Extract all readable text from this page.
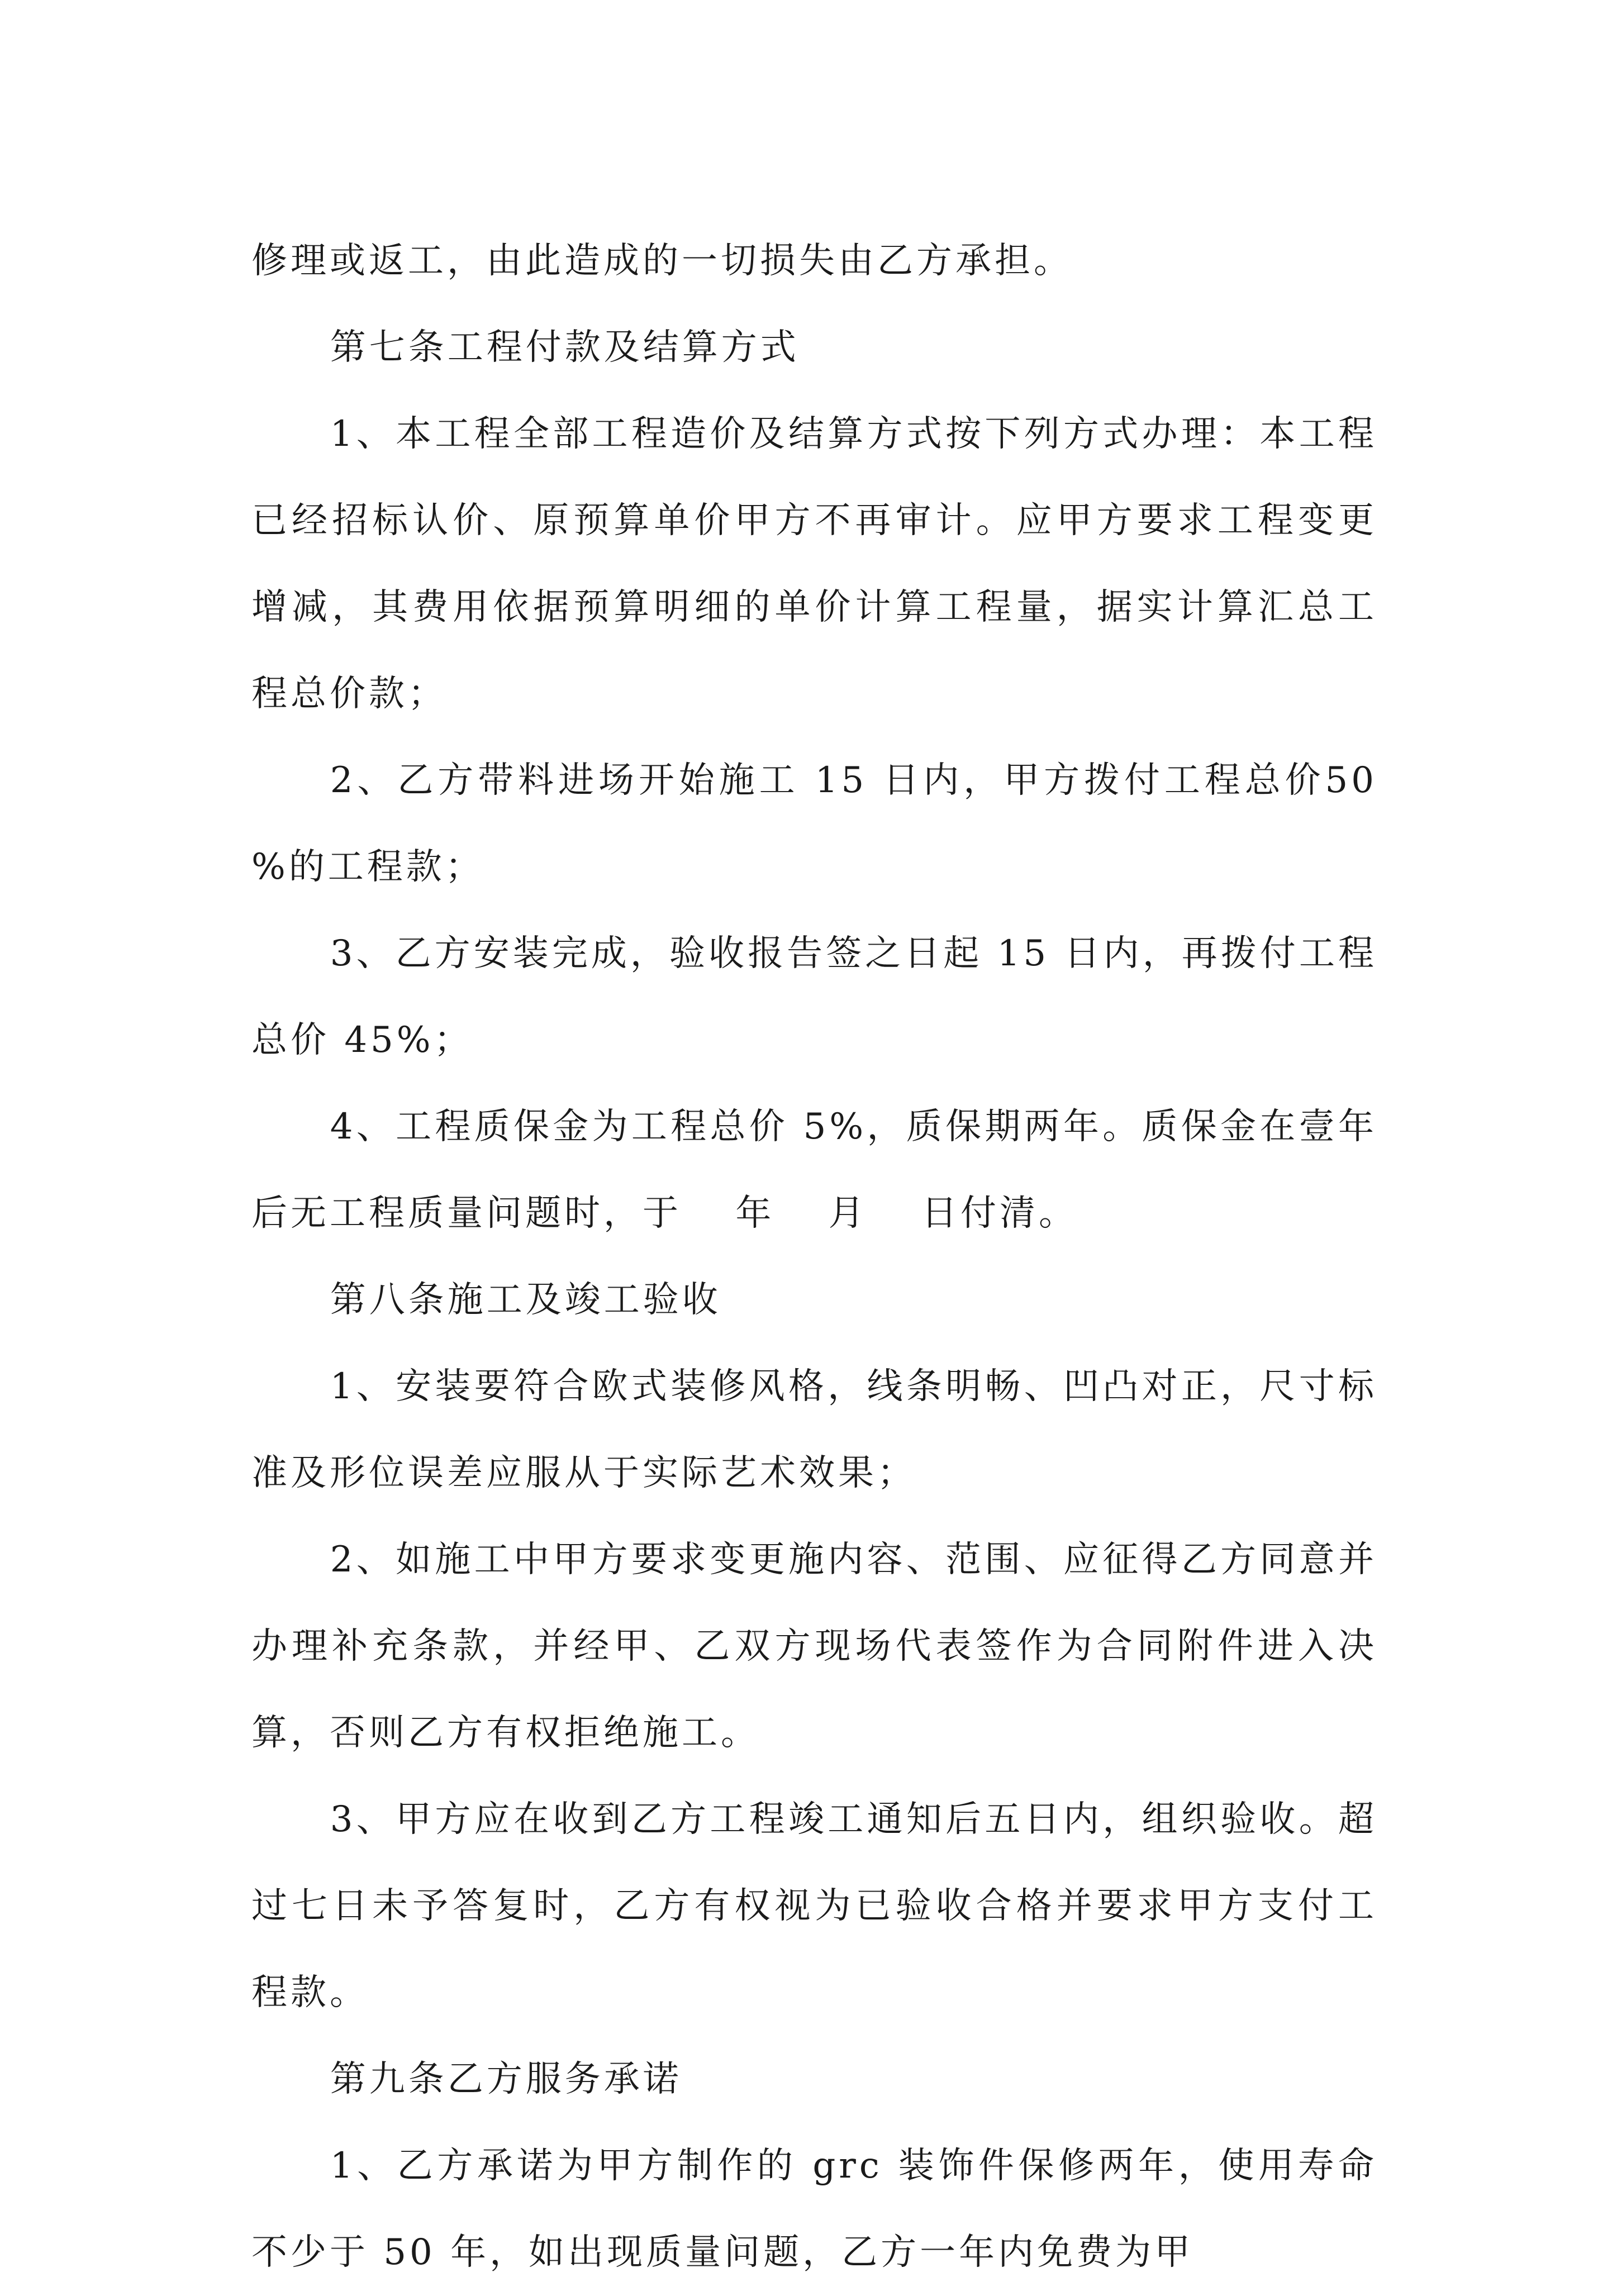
修理或返工，由此造成的一切损失由乙方承担。

第七条工程付款及结算方式

1、本工程全部工程造价及结算方式按下列方式办理：本工程已经招标认价、原预算单价甲方不再审计。应甲方要求工程变更增减，其费用依据预算明细的单价计算工程量，据实计算汇总工程总价款；

2、乙方带料进场开始施工 15 日内，甲方拨付工程总价50%的工程款；

3、乙方安装完成，验收报告签之日起 15 日内，再拨付工程总价 45%；

4、工程质保金为工程总价 5%，质保期两年。质保金在壹年后无工程质量问题时，于　 年　 月　 日付清。

第八条施工及竣工验收

1、安装要符合欧式装修风格，线条明畅、凹凸对正，尺寸标准及形位误差应服从于实际艺术效果；

2、如施工中甲方要求变更施内容、范围、应征得乙方同意并办理补充条款，并经甲、乙双方现场代表签作为合同附件进入决算，否则乙方有权拒绝施工。

3、甲方应在收到乙方工程竣工通知后五日内，组织验收。超过七日未予答复时，乙方有权视为已验收合格并要求甲方支付工程款。

第九条乙方服务承诺

1、乙方承诺为甲方制作的 grc 装饰件保修两年，使用寿命不少于 50 年，如出现质量问题，乙方一年内免费为甲
